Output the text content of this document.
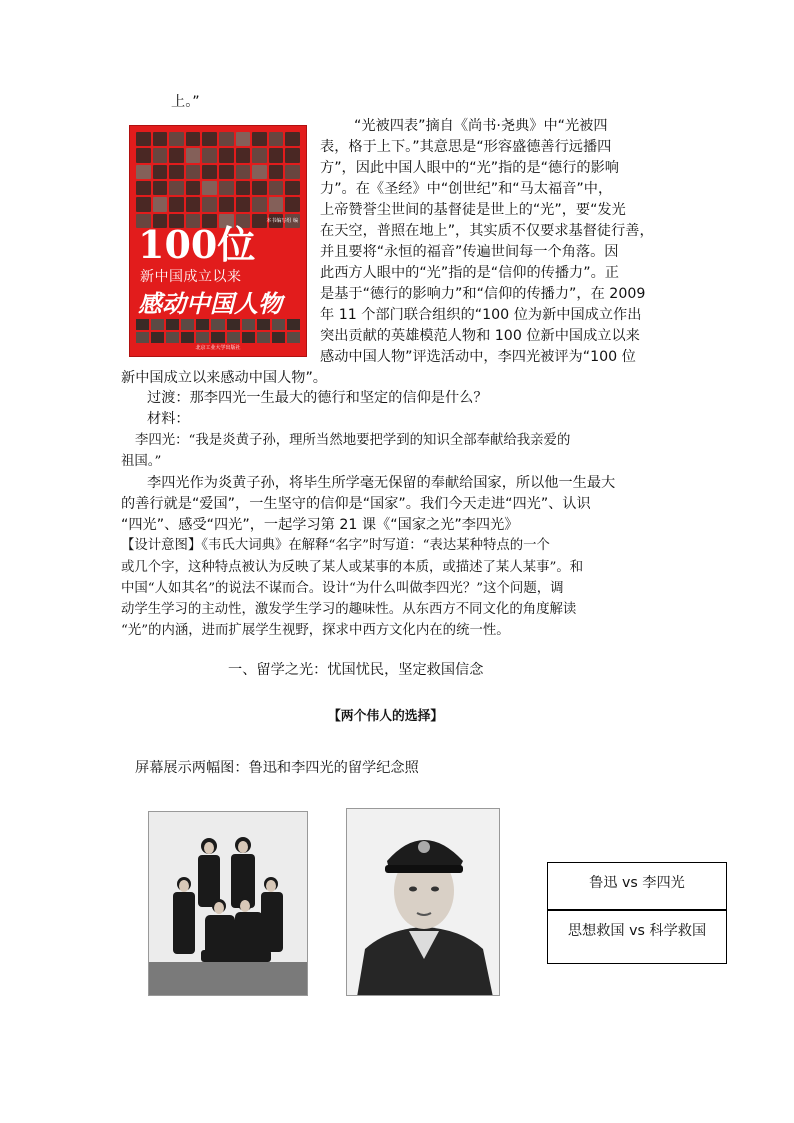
上。”
本书编写组 编
100位
新中国成立以来
感动中国人物
北京工业大学出版社
“光被四表”摘自《尚书·尧典》中“光被四
表，格于上下。”其意思是“形容盛德善行远播四
方”，因此中国人眼中的“光”指的是“德行的影响
力”。在《圣经》中“创世纪”和“马太福音”中，
上帝赞誉尘世间的基督徒是世上的“光”，要“发光
在天空，普照在地上”，其实质不仅要求基督徒行善，
并且要将“永恒的福音”传遍世间每一个角落。因
此西方人眼中的“光”指的是“信仰的传播力”。正
是基于“德行的影响力”和“信仰的传播力”，在 2009
年 11 个部门联合组织的“100 位为新中国成立作出
突出贡献的英雄模范人物和 100 位新中国成立以来
感动中国人物”评选活动中，李四光被评为“100 位
新中国成立以来感动中国人物”。
过渡：那李四光一生最大的德行和坚定的信仰是什么？
材料：
李四光：“我是炎黄子孙，理所当然地要把学到的知识全部奉献给我亲爱的
祖国。”
李四光作为炎黄子孙，将毕生所学毫无保留的奉献给国家，所以他一生最大
的善行就是“爱国”，一生坚守的信仰是“国家”。我们今天走进“四光”、认识
“四光”、感受“四光”，一起学习第 21 课《“国家之光”李四光》
【设计意图】《韦氏大词典》在解释“名字”时写道：“表达某种特点的一个
或几个字，这种特点被认为反映了某人或某事的本质，或描述了某人某事”。和
中国“人如其名”的说法不谋而合。设计“为什么叫做李四光？”这个问题，调
动学生学习的主动性，激发学生学习的趣味性。从东西方不同文化的角度解读
“光”的内涵，进而扩展学生视野，探求中西方文化内在的统一性。
一、留学之光：忧国忧民，坚定救国信念
【两个伟人的选择】
屏幕展示两幅图：鲁迅和李四光的留学纪念照
鲁迅 vs 李四光
思想救国 vs 科学救国
